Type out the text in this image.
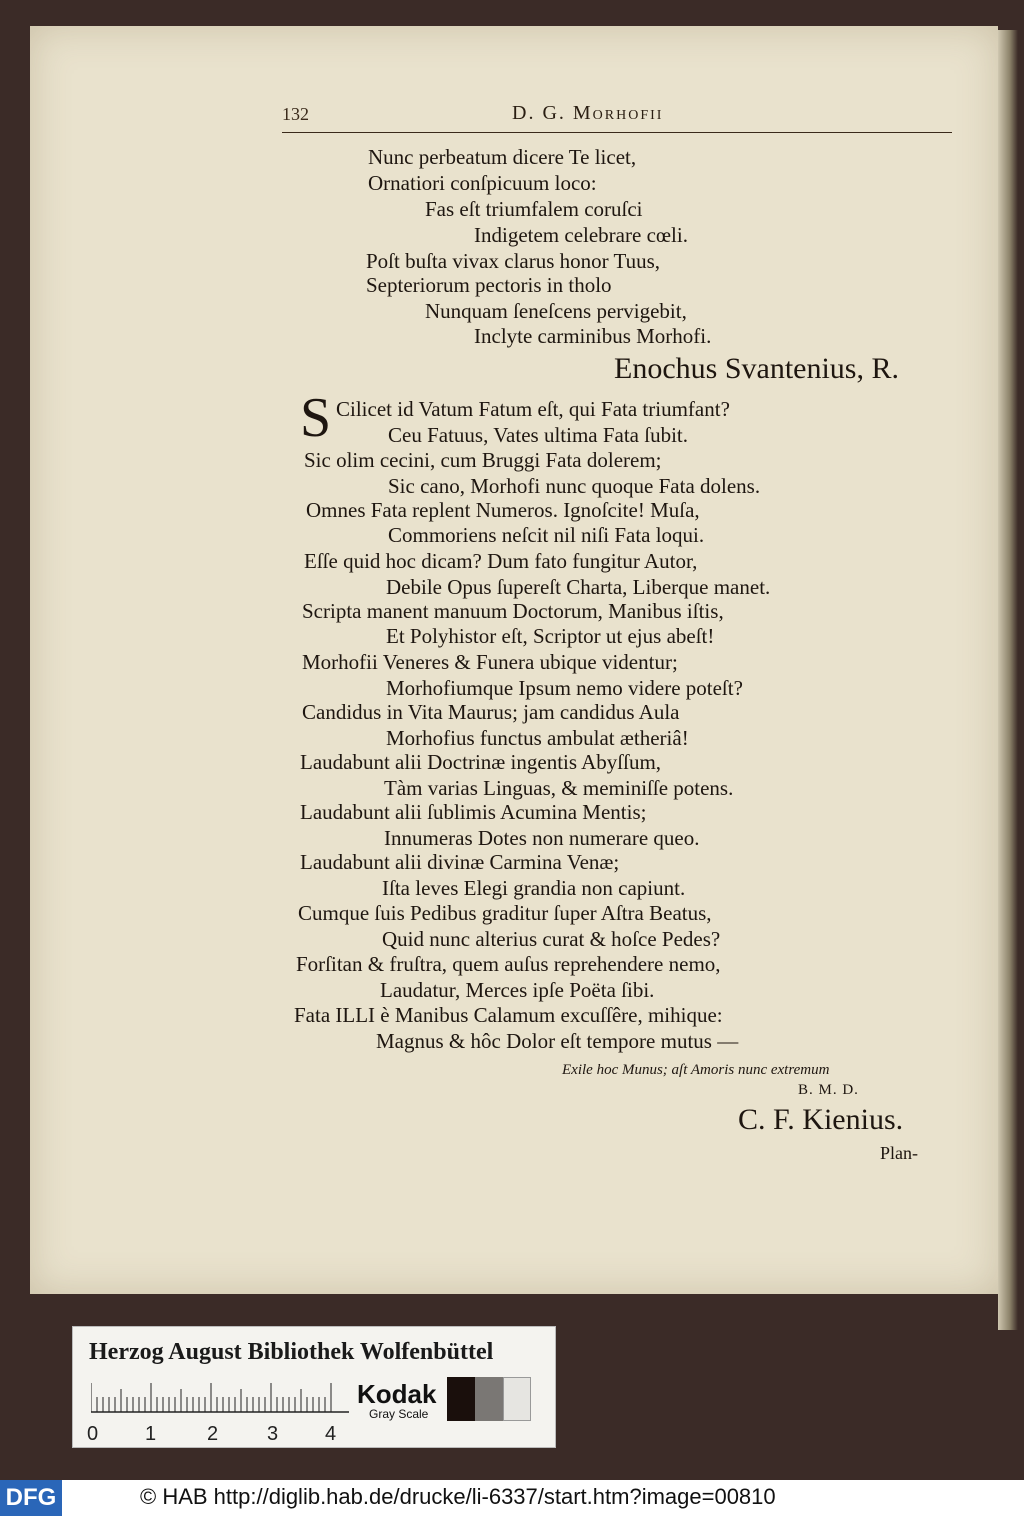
132	D. G. Morhofii
Nunc perbeatum dicere Te licet,
Ornatiori conſpicuum loco:
Fas eſt triumfalem coruſci
Indigetem celebrare cœli.
Poſt buſta vivax clarus honor Tuus,
Septeriorum pectoris in tholo
Nunquam ſeneſcens pervigebit,
Inclyte carminibus Morhofi.
Enochus Svantenius, R.
S Cilicet id Vatum Fatum eſt, qui Fata triumfant?
Ceu Fatuus, Vates ultima Fata ſubit.
Sic olim cecini, cum Bruggi Fata dolerem;
Sic cano, Morhofi nunc quoque Fata dolens.
Omnes Fata replent Numeros. Ignoſcite! Muſa,
Commoriens neſcit nil niſi Fata loqui.
Eſſe quid hoc dicam? Dum fato fungitur Autor,
Debile Opus ſupereſt Charta, Liberque manet.
Scripta manent manuum Doctorum, Manibus iſtis,
Et Polyhistor eſt, Scriptor ut ejus abeſt!
Morhofii Veneres & Funera ubique videntur;
Morhofiumque Ipsum nemo videre poteſt?
Candidus in Vita Maurus; jam candidus Aula
Morhofius functus ambulat ætheriâ!
Laudabunt alii Doctrinæ ingentis Abyſſum,
Tàm varias Linguas, & meminiſſe potens.
Laudabunt alii ſublimis Acumina Mentis;
Innumeras Dotes non numerare queo.
Laudabunt alii divinæ Carmina Venæ;
Iſta leves Elegi grandia non capiunt.
Cumque ſuis Pedibus graditur ſuper Aſtra Beatus,
Quid nunc alterius curat & hoſce Pedes?
Forſitan & fruſtra, quem auſus reprehendere nemo,
Laudatur, Merces ipſe Poëta ſibi.
Fata ILLI è Manibus Calamum excuſſêre, mihique:
Magnus & hôc Dolor eſt tempore mutus —
Exile hoc Munus; aſt Amoris nunc extremum
B. M. D.
C. F. Kienius.
Plan-
Herzog August Bibliothek Wolfenbüttel
0 1	2 3 4
Kodak
Gray Scale
DFG	© HAB http://diglib.hab.de/drucke/li-6337/start.htm?image=00810
